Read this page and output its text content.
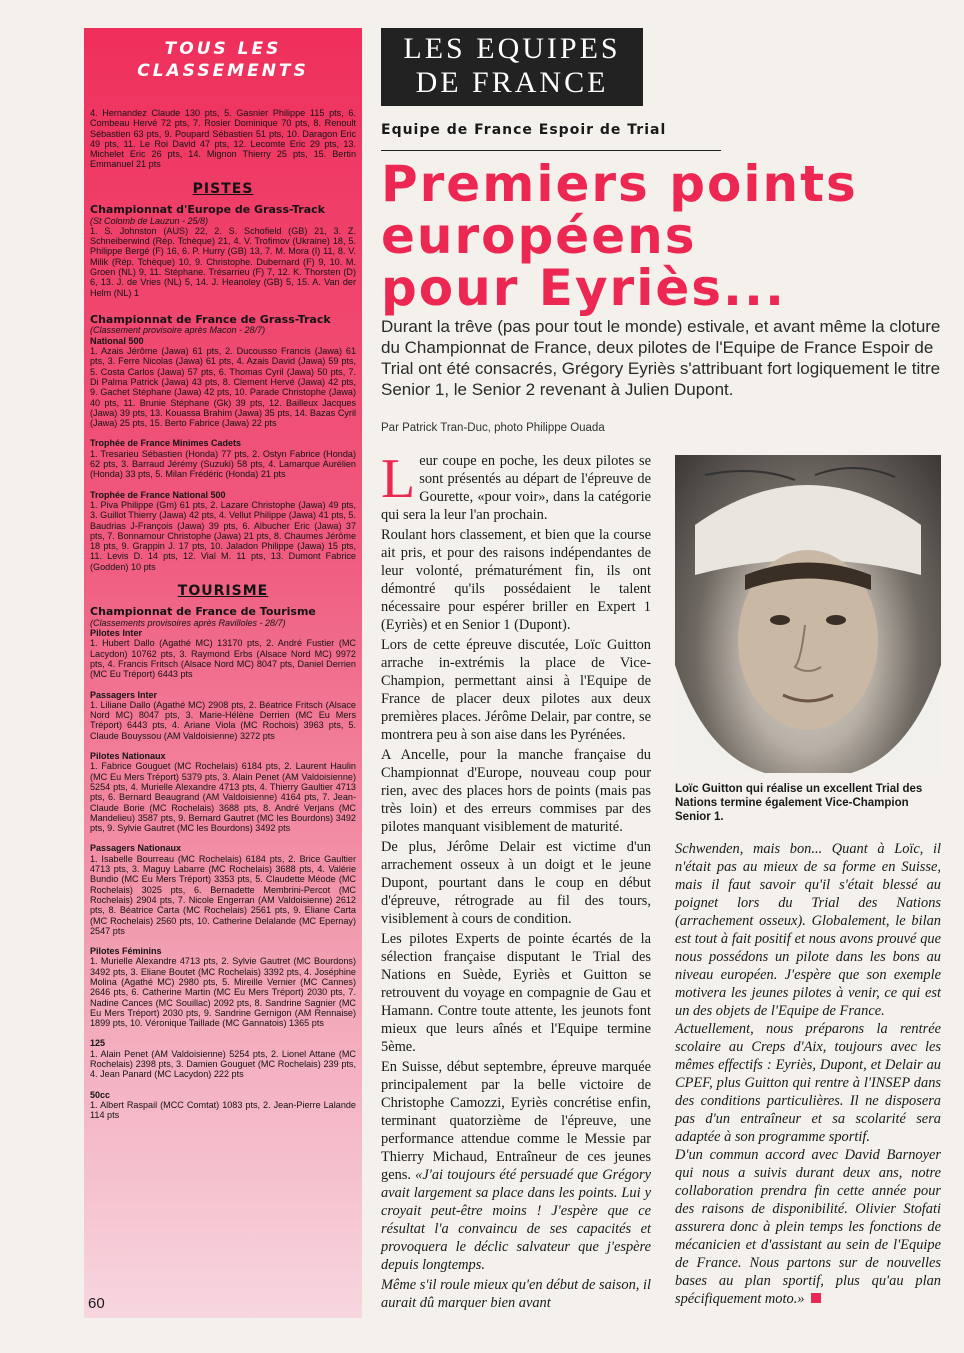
TOUS LES
CLASSEMENTS

4. Hernandez Claude 130 pts, 5. Gasnier Philippe 115 pts, 6. Combeau Hervé 72 pts, 7. Rosier Dominique 70 pts, 8. Renoult Sébastien 63 pts, 9. Poupard Sébastien 51 pts, 10. Daragon Eric 49 pts, 11. Le Roi David 47 pts, 12. Lecomte Eric 29 pts, 13. Michelet Eric 26 pts, 14. Mignon Thierry 25 pts, 15. Bertin Emmanuel 21 pts

PISTES
Championnat d'Europe de Grass-Track
(St Colomb de Lauzun - 25/8)

1. S. Johnston (AUS) 22, 2. S. Schofield (GB) 21, 3. Z. Schneiberwind (Rép. Tchèque) 21, 4. V. Trofimov (Ukraine) 18, 5. Philippe Bergé (F) 16, 6. P. Hurry (GB) 13, 7. M. Mora (I) 11, 8. V. Milik (Rép. Tchèque) 10, 9. Christophe. Dubernard (F) 9, 10. M. Groen (NL) 9, 11. Stéphane. Trésarrieu (F) 7, 12. K. Thorsten (D) 6, 13. J. de Vries (NL) 5, 14. J. Heanoley (GB) 5, 15. A. Van der Helm (NL) 1

Championnat de France de Grass-Track
(Classement provisoire après Macon - 28/7)
National 500

1. Azais Jérôme (Jawa) 61 pts, 2. Ducousso Francis (Jawa) 61 pts, 3. Ferre Nicolas (Jawa) 61 pts, 4. Azais David (Jawa) 59 pts, 5. Costa Carlos (Jawa) 57 pts, 6. Thomas Cyril (Jawa) 50 pts, 7. Di Palma Patrick (Jawa) 43 pts, 8. Clement Hervé (Jawa) 42 pts, 9. Gachet Stéphane (Jawa) 42 pts, 10. Parade Christophe (Jawa) 40 pts, 11. Brunie Stéphane (Gk) 39 pts, 12. Bailleux Jacques (Jawa) 39 pts, 13. Kouassa Brahim (Jawa) 35 pts, 14. Bazas Cyril (Jawa) 25 pts, 15. Berto Fabrice (Jawa) 22 pts

Trophée de France Minimes Cadets

1. Tresarieu Sébastien (Honda) 77 pts, 2. Ostyn Fabrice (Honda) 62 pts, 3. Barraud Jérémy (Suzuki) 58 pts, 4. Lamarque Aurélien (Honda) 33 pts, 5. Milan Frédéric (Honda) 21 pts

Trophée de France National 500

1. Piva Philippe (Gm) 61 pts, 2. Lazare Christophe (Jawa) 49 pts, 3. Guillot Thierry (Jawa) 42 pts, 4. Vellut Philippe (Jawa) 41 pts, 5. Baudrias J-François (Jawa) 39 pts, 6. Albucher Eric (Jawa) 37 pts, 7. Bonnamour Christophe (Jawa) 21 pts, 8. Chaumes Jérôme 18 pts, 9. Grappin J. 17 pts, 10. Jaladon Philippe (Jawa) 15 pts, 11. Levis D. 14 pts, 12. Vial M. 11 pts, 13. Dumont Fabrice (Godden) 10 pts

TOURISME
Championnat de France de Tourisme
(Classements provisoires après Ravilloles - 28/7)
Pilotes Inter

1. Hubert Dallo (Agathé MC) 13170 pts, 2. André Fustier (MC Lacydon) 10762 pts, 3. Raymond Erbs (Alsace Nord MC) 9972 pts, 4. Francis Fritsch (Alsace Nord MC) 8047 pts, Daniel Derrien (MC Eu Tréport) 6443 pts

Passagers Inter

1. Liliane Dallo (Agathé MC) 2908 pts, 2. Béatrice Fritsch (Alsace Nord MC) 8047 pts, 3. Marie-Hélène Derrien (MC Eu Mers Tréport) 6443 pts, 4. Ariane Viola (MC Rochois) 3963 pts, 5. Claude Bouyssou (AM Valdoisienne) 3272 pts

Pilotes Nationaux

1. Fabrice Gouguet (MC Rochelais) 6184 pts, 2. Laurent Haulin (MC Eu Mers Tréport) 5379 pts, 3. Alain Penet (AM Valdoisienne) 5254 pts, 4. Murielle Alexandre 4713 pts, 4. Thierry Gaultier 4713 pts, 6. Bernard Beaugrand (AM Valdoisienne) 4164 pts, 7. Jean-Claude Borie (MC Rochelais) 3688 pts, 8. André Verjans (MC Mandelieu) 3587 pts, 9. Bernard Gautret (MC les Bourdons) 3492 pts, 9. Sylvie Gautret (MC les Bourdons) 3492 pts

Passagers Nationaux

1. Isabelle Bourreau (MC Rochelais) 6184 pts, 2. Brice Gaultier 4713 pts, 3. Maguy Labarre (MC Rochelais) 3688 pts, 4. Valérie Bundio (MC Eu Mers Tréport) 3353 pts, 5. Claudette Méode (MC Rochelais) 3025 pts, 6. Bernadette Membrini-Percot (MC Rochelais) 2904 pts, 7. Nicole Engerran (AM Valdoisienne) 2612 pts, 8. Béatrice Carta (MC Rochelais) 2561 pts, 9. Eliane Carta (MC Rochelais) 2560 pts, 10. Catherine Delalande (MC Epernay) 2547 pts

Pilotes Féminins

1. Murielle Alexandre 4713 pts, 2. Sylvie Gautret (MC Bourdons) 3492 pts, 3. Eliane Boutet (MC Rochelais) 3392 pts, 4. Joséphine Molina (Agathé MC) 2980 pts, 5. Mireille Vernier (MC Cannes) 2646 pts, 6. Catherine Martin (MC Eu Mers Tréport) 2030 pts, 7. Nadine Cances (MC Souillac) 2092 pts, 8. Sandrine Sagnier (MC Eu Mers Tréport) 2030 pts, 9. Sandrine Gernigon (AM Rennaise) 1899 pts, 10. Véronique Taillade (MC Gannatois) 1365 pts

125

1. Alain Penet (AM Valdoisienne) 5254 pts, 2. Lionel Attane (MC Rochelais) 2398 pts, 3. Damien Gouguet (MC Rochelais) 239 pts, 4. Jean Panard (MC Lacydon) 222 pts

50cc

1. Albert Raspail (MCC Comtat) 1083 pts, 2. Jean-Pierre Lalande 114 pts

60
LES EQUIPES
DE FRANCE
Equipe de France Espoir de Trial
Premiers points
européens
pour Eyriès...
Durant la trêve (pas pour tout le monde) estivale, et avant même la cloture du Championnat de France, deux pilotes de l'Equipe de France Espoir de Trial ont été consacrés, Grégory Eyriès s'attribuant fort logiquement le titre Senior 1, le Senior 2 revenant à Julien Dupont.
Par Patrick Tran-Duc, photo Philippe Ouada

Leur coupe en poche, les deux pilotes se sont présentés au départ de l'épreuve de Gourette, «pour voir», dans la catégorie qui sera la leur l'an prochain.

Roulant hors classement, et bien que la course ait pris, et pour des raisons indépendantes de leur volonté, prématurément fin, ils ont démontré qu'ils possédaient le talent nécessaire pour espérer briller en Expert 1 (Eyriès) et en Senior 1 (Dupont).

Lors de cette épreuve discutée, Loïc Guitton arrache in-extrémis la place de Vice-Champion, permettant ainsi à l'Equipe de France de placer deux pilotes aux deux premières places. Jérôme Delair, par contre, se montrera peu à son aise dans les Pyrénées.

A Ancelle, pour la manche française du Championnat d'Europe, nouveau coup pour rien, avec des places hors de points (mais pas très loin) et des erreurs commises par des pilotes manquant visiblement de maturité.

De plus, Jérôme Delair est victime d'un arrachement osseux à un doigt et le jeune Dupont, pourtant dans le coup en début d'épreuve, rétrograde au fil des tours, visiblement à cours de condition.

Les pilotes Experts de pointe écartés de la sélection française disputant le Trial des Nations en Suède, Eyriès et Guitton se retrouvent du voyage en compagnie de Gau et Hamann. Contre toute attente, les jeunots font mieux que leurs aînés et l'Equipe termine 5ème.

En Suisse, début septembre, épreuve marquée principalement par la belle victoire de Christophe Camozzi, Eyriès concrétise enfin, terminant quatorzième de l'épreuve, une performance attendue comme le Messie par Thierry Michaud, Entraîneur de ces jeunes gens. «J'ai toujours été persuadé que Grégory avait largement sa place dans les points. Lui y croyait peut-être moins ! J'espère que ce résultat l'a convaincu de ses capacités et provoquera le déclic salvateur que j'espère depuis longtemps.

Même s'il roule mieux qu'en début de saison, il aurait dû marquer bien avant

Loïc Guitton qui réalise un excellent Trial des Nations termine également Vice-Champion Senior 1.

Schwenden, mais bon... Quant à Loïc, il n'était pas au mieux de sa forme en Suisse, mais il faut savoir qu'il s'était blessé au poignet lors du Trial des Nations (arrachement osseux). Globalement, le bilan est tout à fait positif et nous avons prouvé que nous possédons un pilote dans les bons au niveau européen. J'espère que son exemple motivera les jeunes pilotes à venir, ce qui est un des objets de l'Equipe de France.

Actuellement, nous préparons la rentrée scolaire au Creps d'Aix, toujours avec les mêmes effectifs : Eyriès, Dupont, et Delair au CPEF, plus Guitton qui rentre à l'INSEP dans des conditions particulières. Il ne disposera pas d'un entraîneur et sa scolarité sera adaptée à son programme sportif.

D'un commun accord avec David Barnoyer qui nous a suivis durant deux ans, notre collaboration prendra fin cette année pour des raisons de disponibilité. Olivier Stofati assurera donc à plein temps les fonctions de mécanicien et d'assistant au sein de l'Equipe de France. Nous partons sur de nouvelles bases au plan sportif, plus qu'au plan spécifiquement moto.»
